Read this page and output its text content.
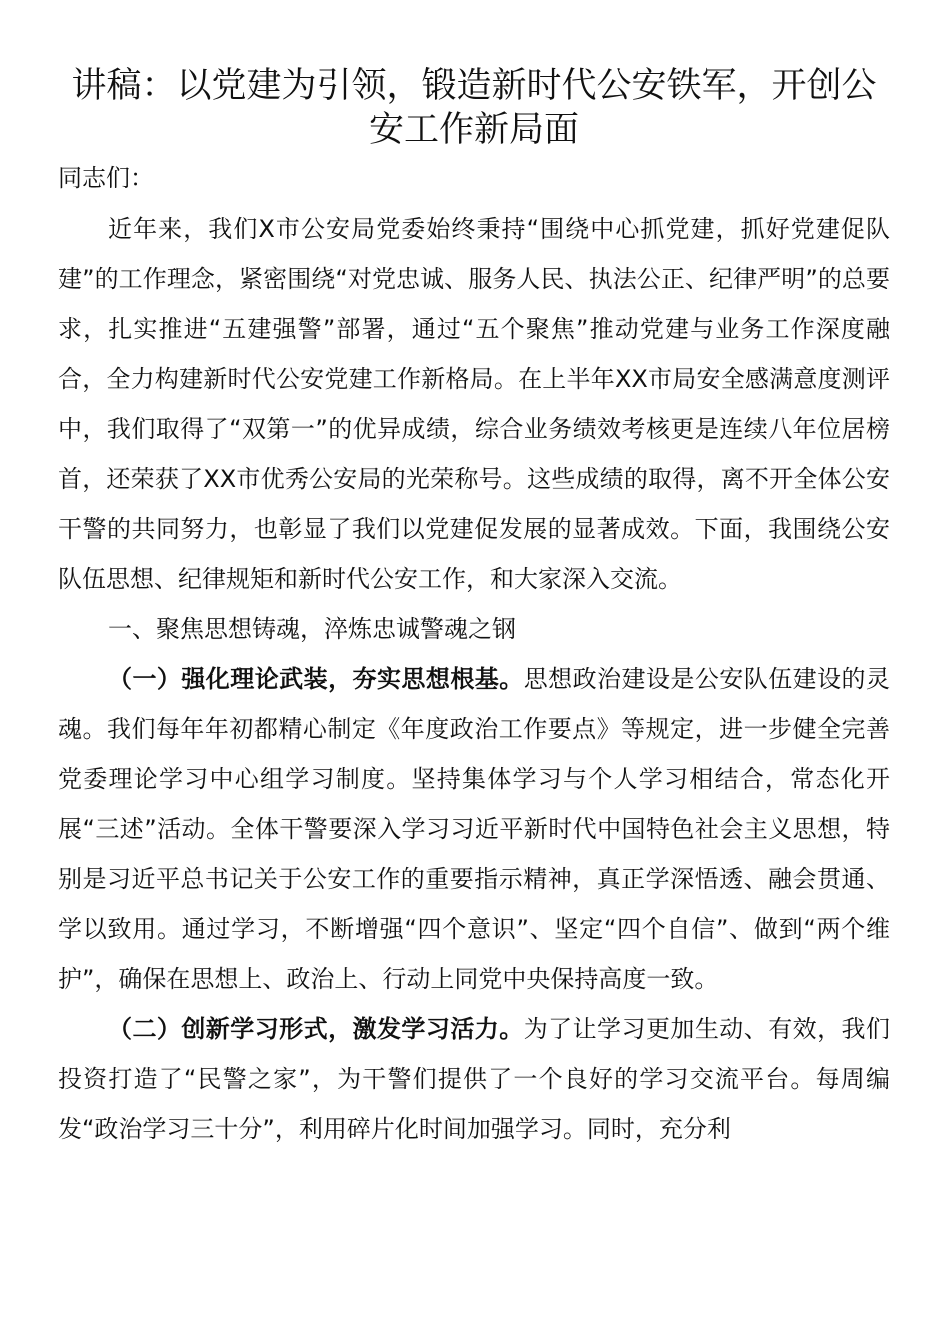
讲稿：以党建为引领，锻造新时代公安铁军，开创公安工作新局面

同志们：

近年来，我们X市公安局党委始终秉持“围绕中心抓党建，抓好党建促队建”的工作理念，紧密围绕“对党忠诚、服务人民、执法公正、纪律严明”的总要求，扎实推进“五建强警”部署，通过“五个聚焦”推动党建与业务工作深度融合，全力构建新时代公安党建工作新格局。在上半年XX市局安全感满意度测评中，我们取得了“双第一”的优异成绩，综合业务绩效考核更是连续八年位居榜首，还荣获了XX市优秀公安局的光荣称号。这些成绩的取得，离不开全体公安干警的共同努力，也彰显了我们以党建促发展的显著成效。下面，我围绕公安队伍思想、纪律规矩和新时代公安工作，和大家深入交流。

一、聚焦思想铸魂，淬炼忠诚警魂之钢

（一）强化理论武装，夯实思想根基。思想政治建设是公安队伍建设的灵魂。我们每年年初都精心制定《年度政治工作要点》等规定，进一步健全完善党委理论学习中心组学习制度。坚持集体学习与个人学习相结合，常态化开展“三述”活动。全体干警要深入学习习近平新时代中国特色社会主义思想，特别是习近平总书记关于公安工作的重要指示精神，真正学深悟透、融会贯通、学以致用。通过学习，不断增强“四个意识”、坚定“四个自信”、做到“两个维护”，确保在思想上、政治上、行动上同党中央保持高度一致。

（二）创新学习形式，激发学习活力。为了让学习更加生动、有效，我们投资打造了“民警之家”，为干警们提供了一个良好的学习交流平台。每周编发“政治学习三十分”，利用碎片化时间加强学习。同时，充分利
